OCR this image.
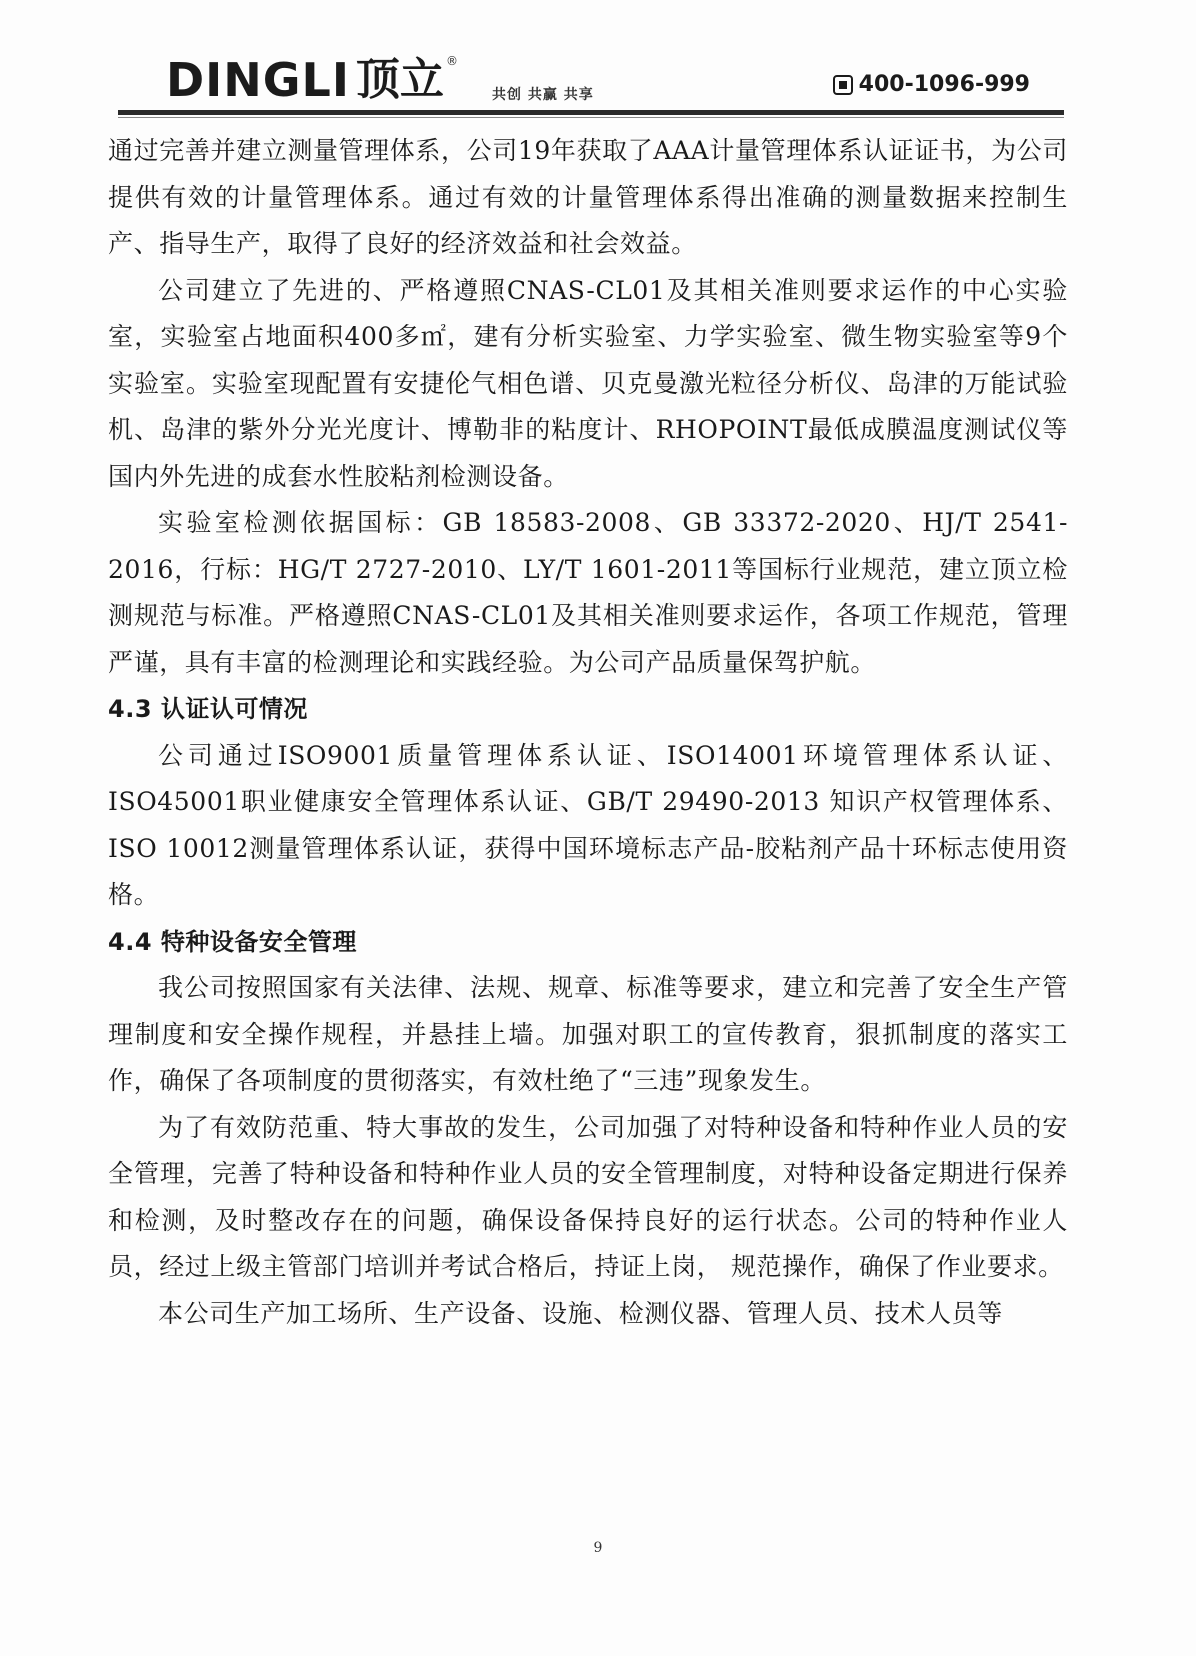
DINGLI 顶立 ®
共创 共赢 共享	400-1096-999

通过完善并建立测量管理体系，公司19年获取了AAA计量管理体系认证证书，为公司提供有效的计量管理体系。通过有效的计量管理体系得出准确的测量数据来控制生产、指导生产，取得了良好的经济效益和社会效益。

公司建立了先进的、严格遵照CNAS-CL01及其相关准则要求运作的中心实验室，实验室占地面积400多㎡，建有分析实验室、力学实验室、微生物实验室等9个实验室。实验室现配置有安捷伦气相色谱、贝克曼激光粒径分析仪、岛津的万能试验机、岛津的紫外分光光度计、博勒非的粘度计、RHOPOINT最低成膜温度测试仪等国内外先进的成套水性胶粘剂检测设备。

实验室检测依据国标：GB 18583-2008、GB 33372-2020、HJ/T 2541-2016，行标：HG/T 2727-2010、LY/T 1601-2011等国标行业规范，建立顶立检测规范与标准。严格遵照CNAS-CL01及其相关准则要求运作，各项工作规范，管理严谨，具有丰富的检测理论和实践经验。为公司产品质量保驾护航。

4.3 认证认可情况

公司通过ISO9001质量管理体系认证、ISO14001环境管理体系认证、ISO45001职业健康安全管理体系认证、GB/T 29490-2013 知识产权管理体系、ISO 10012测量管理体系认证，获得中国环境标志产品-胶粘剂产品十环标志使用资格。

4.4 特种设备安全管理

我公司按照国家有关法律、法规、规章、标准等要求，建立和完善了安全生产管理制度和安全操作规程，并悬挂上墙。加强对职工的宣传教育，狠抓制度的落实工作，确保了各项制度的贯彻落实，有效杜绝了“三违”现象发生。

为了有效防范重、特大事故的发生，公司加强了对特种设备和特种作业人员的安全管理，完善了特种设备和特种作业人员的安全管理制度，对特种设备定期进行保养和检测，及时整改存在的问题，确保设备保持良好的运行状态。公司的特种作业人员，经过上级主管部门培训并考试合格后，持证上岗， 规范操作，确保了作业要求。

本公司生产加工场所、生产设备、设施、检测仪器、管理人员、技术人员等

9
